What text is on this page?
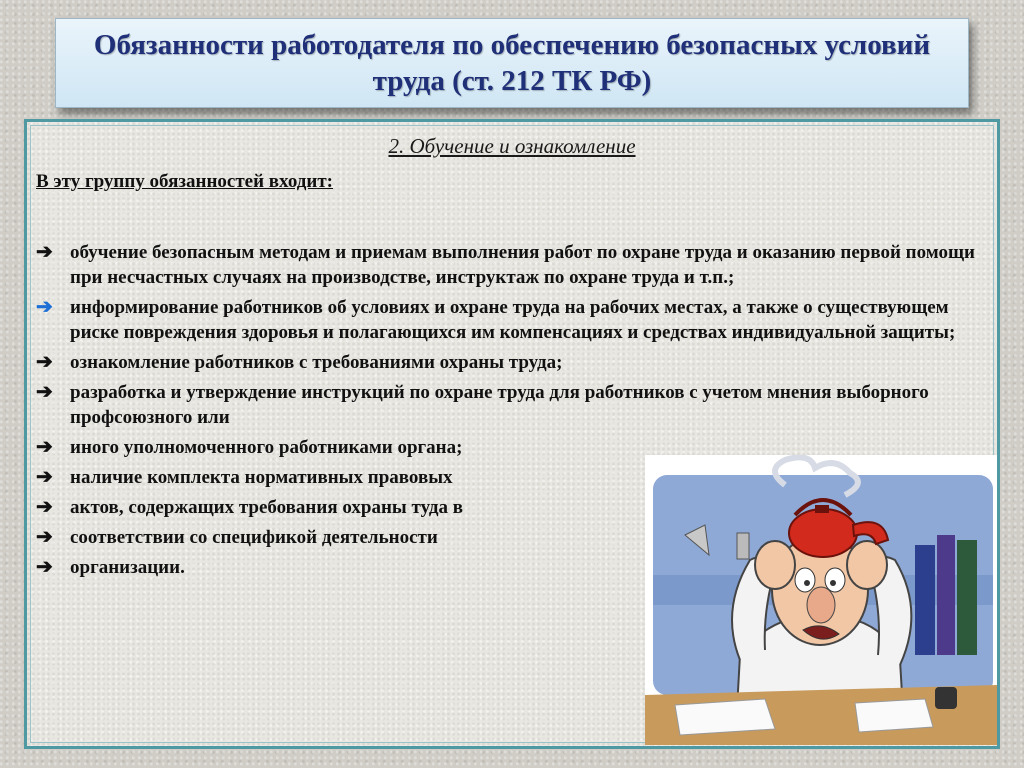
Обязанности работодателя по обеспечению безопасных условий труда (ст. 212 ТК РФ)
2. Обучение и ознакомление
В эту группу обязанностей входит:
➔ обучение безопасным методам и приемам выполнения работ по охране труда и оказанию первой помощи при несчастных случаях на производстве, инструктаж по охране труда и т.п.;
➔ информирование работников об условиях и охране труда на рабочих местах, а также о существующем риске повреждения здоровья и полагающихся им компенсациях и средствах индивидуальной защиты;
➔ ознакомление работников с требованиями охраны труда;
➔ разработка и утверждение инструкций по охране труда для работников с учетом мнения выборного профсоюзного или
➔ иного уполномоченного работниками органа;
➔ наличие комплекта нормативных правовых
➔ актов, содержащих требования охраны туда в
➔ соответствии со спецификой деятельности
➔ организации.
